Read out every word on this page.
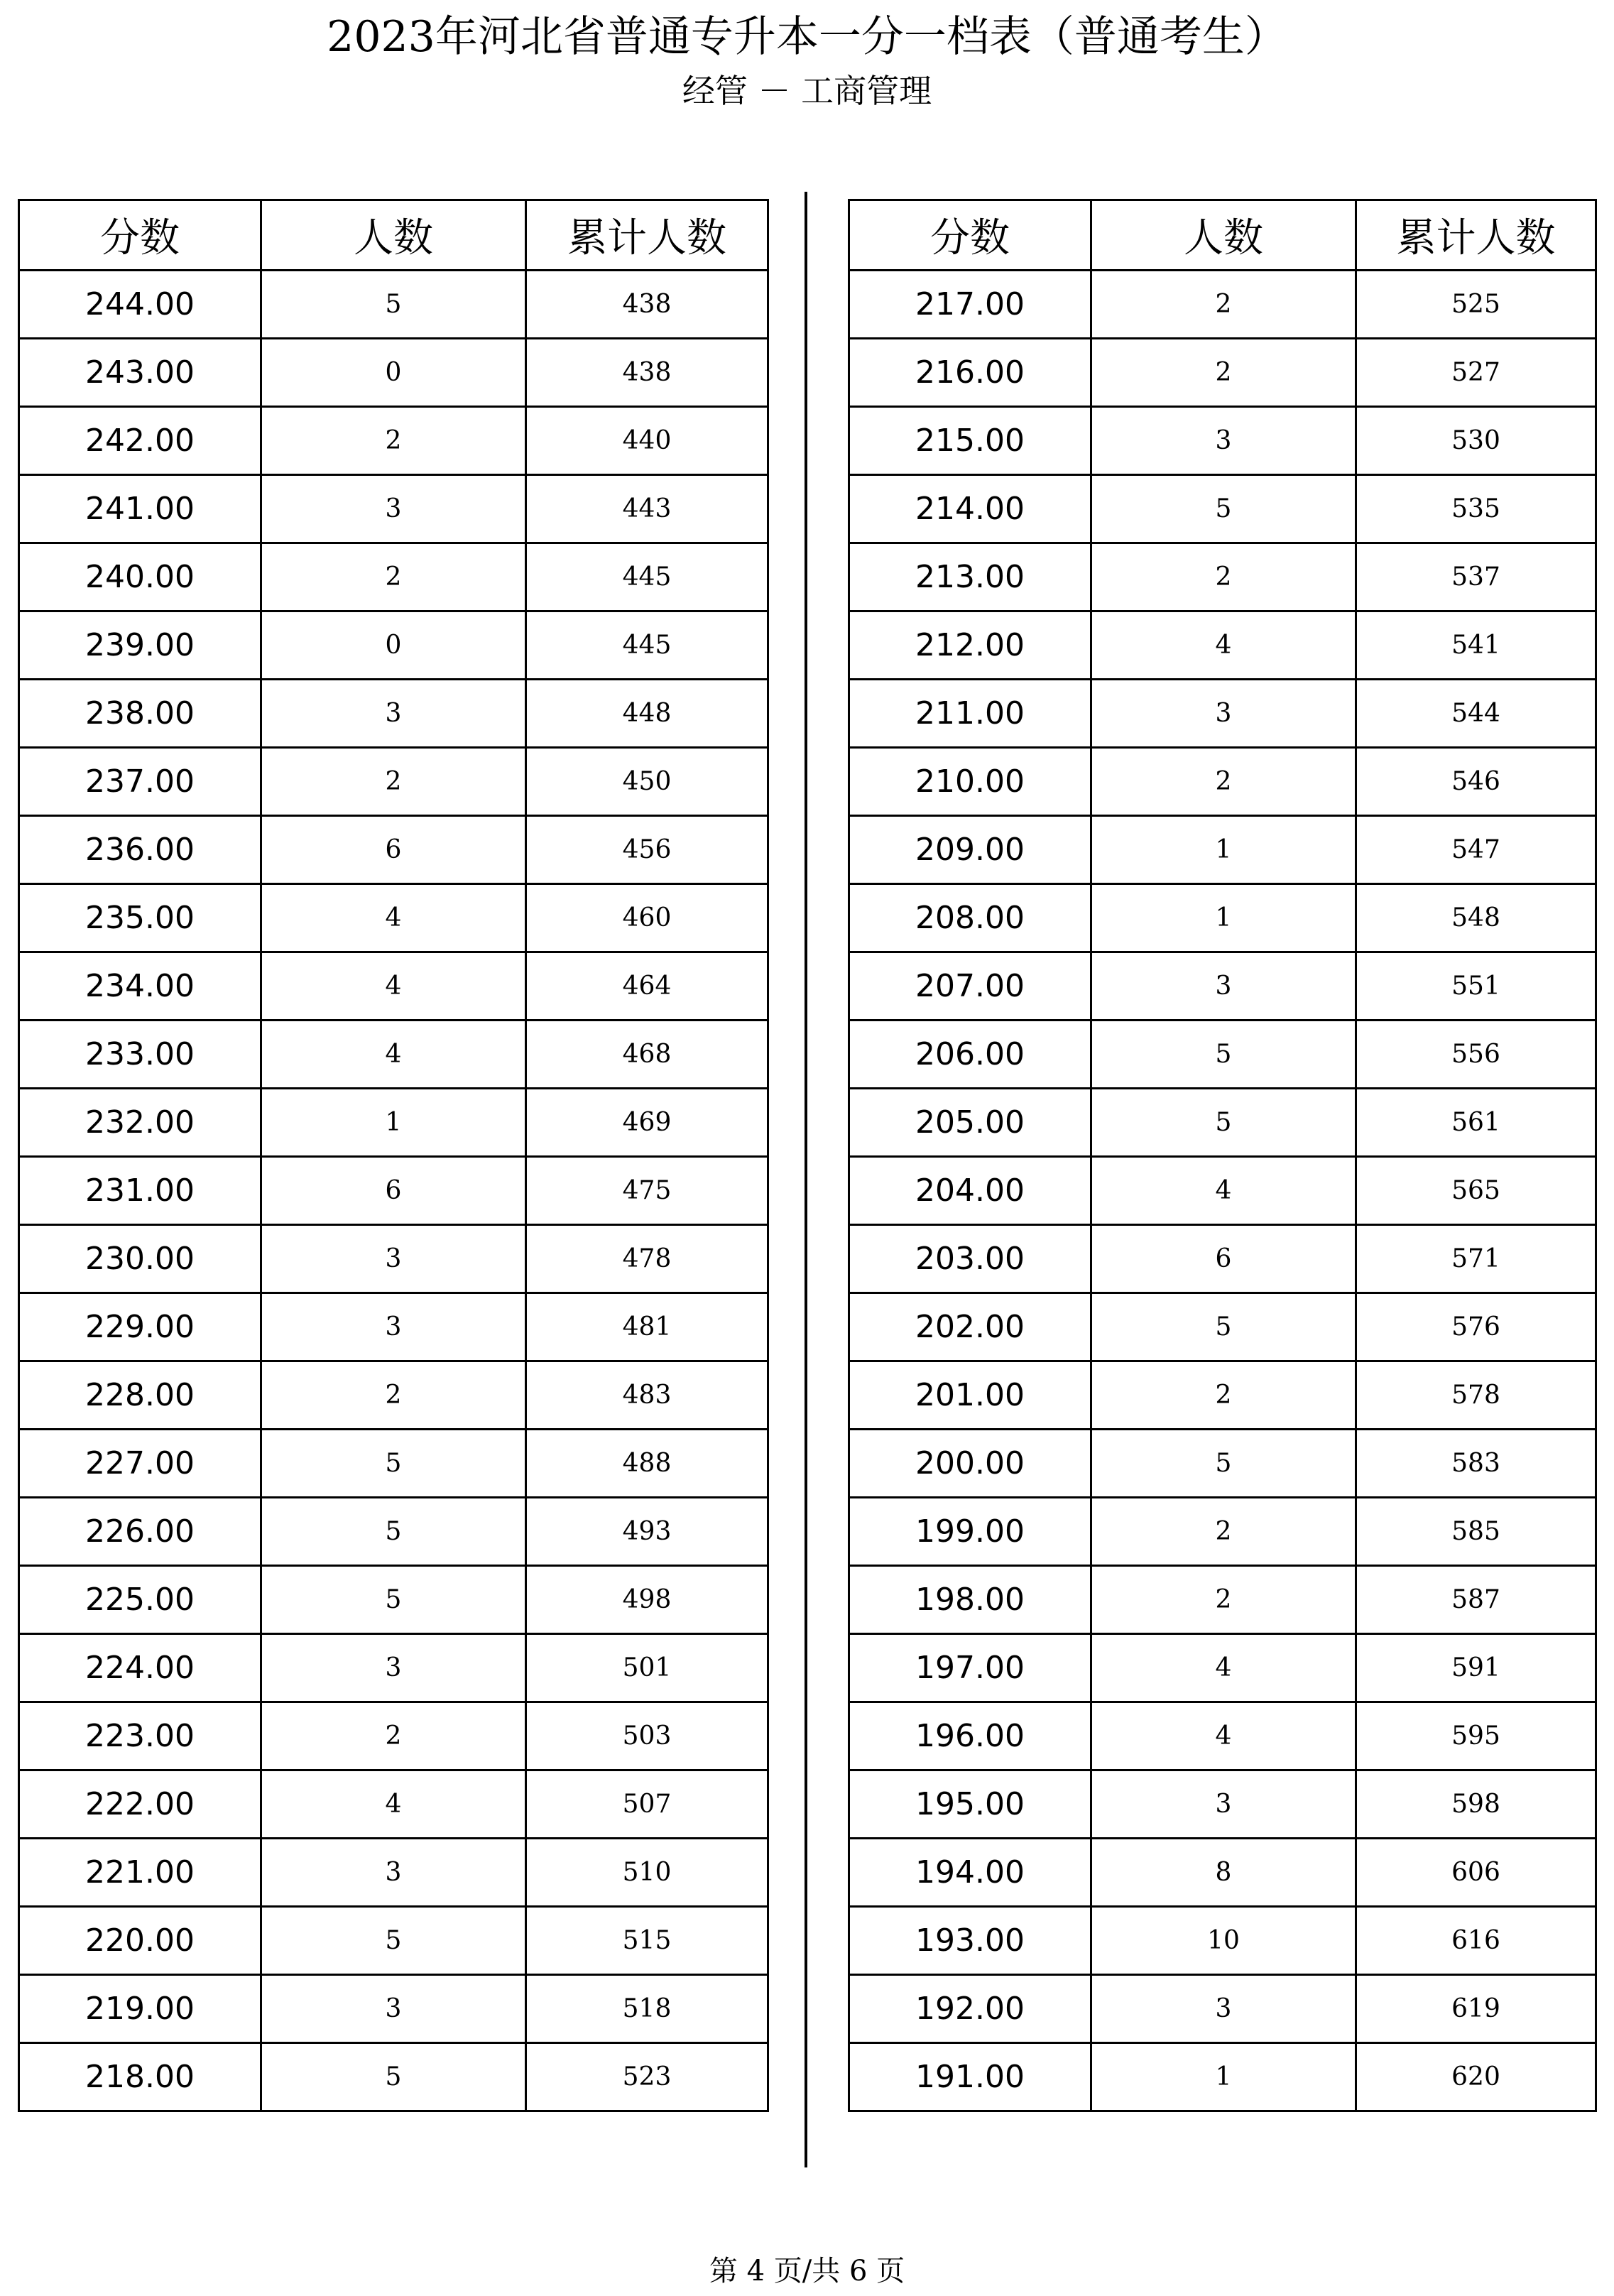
2023年河北省普通专升本一分一档表（普通考生）
经管 － 工商管理
分数	人数	累计人数
244.00	5	438
243.00	0	438
242.00	2	440
241.00	3	443
240.00	2	445
239.00	0	445
238.00	3	448
237.00	2	450
236.00	6	456
235.00	4	460
234.00	4	464
233.00	4	468
232.00	1	469
231.00	6	475
230.00	3	478
229.00	3	481
228.00	2	483
227.00	5	488
226.00	5	493
225.00	5	498
224.00	3	501
223.00	2	503
222.00	4	507
221.00	3	510
220.00	5	515
219.00	3	518
218.00	5	523
分数	人数	累计人数
217.00	2	525
216.00	2	527
215.00	3	530
214.00	5	535
213.00	2	537
212.00	4	541
211.00	3	544
210.00	2	546
209.00	1	547
208.00	1	548
207.00	3	551
206.00	5	556
205.00	5	561
204.00	4	565
203.00	6	571
202.00	5	576
201.00	2	578
200.00	5	583
199.00	2	585
198.00	2	587
197.00	4	591
196.00	4	595
195.00	3	598
194.00	8	606
193.00	10	616
192.00	3	619
191.00	1	620
第 4 页/共 6 页
